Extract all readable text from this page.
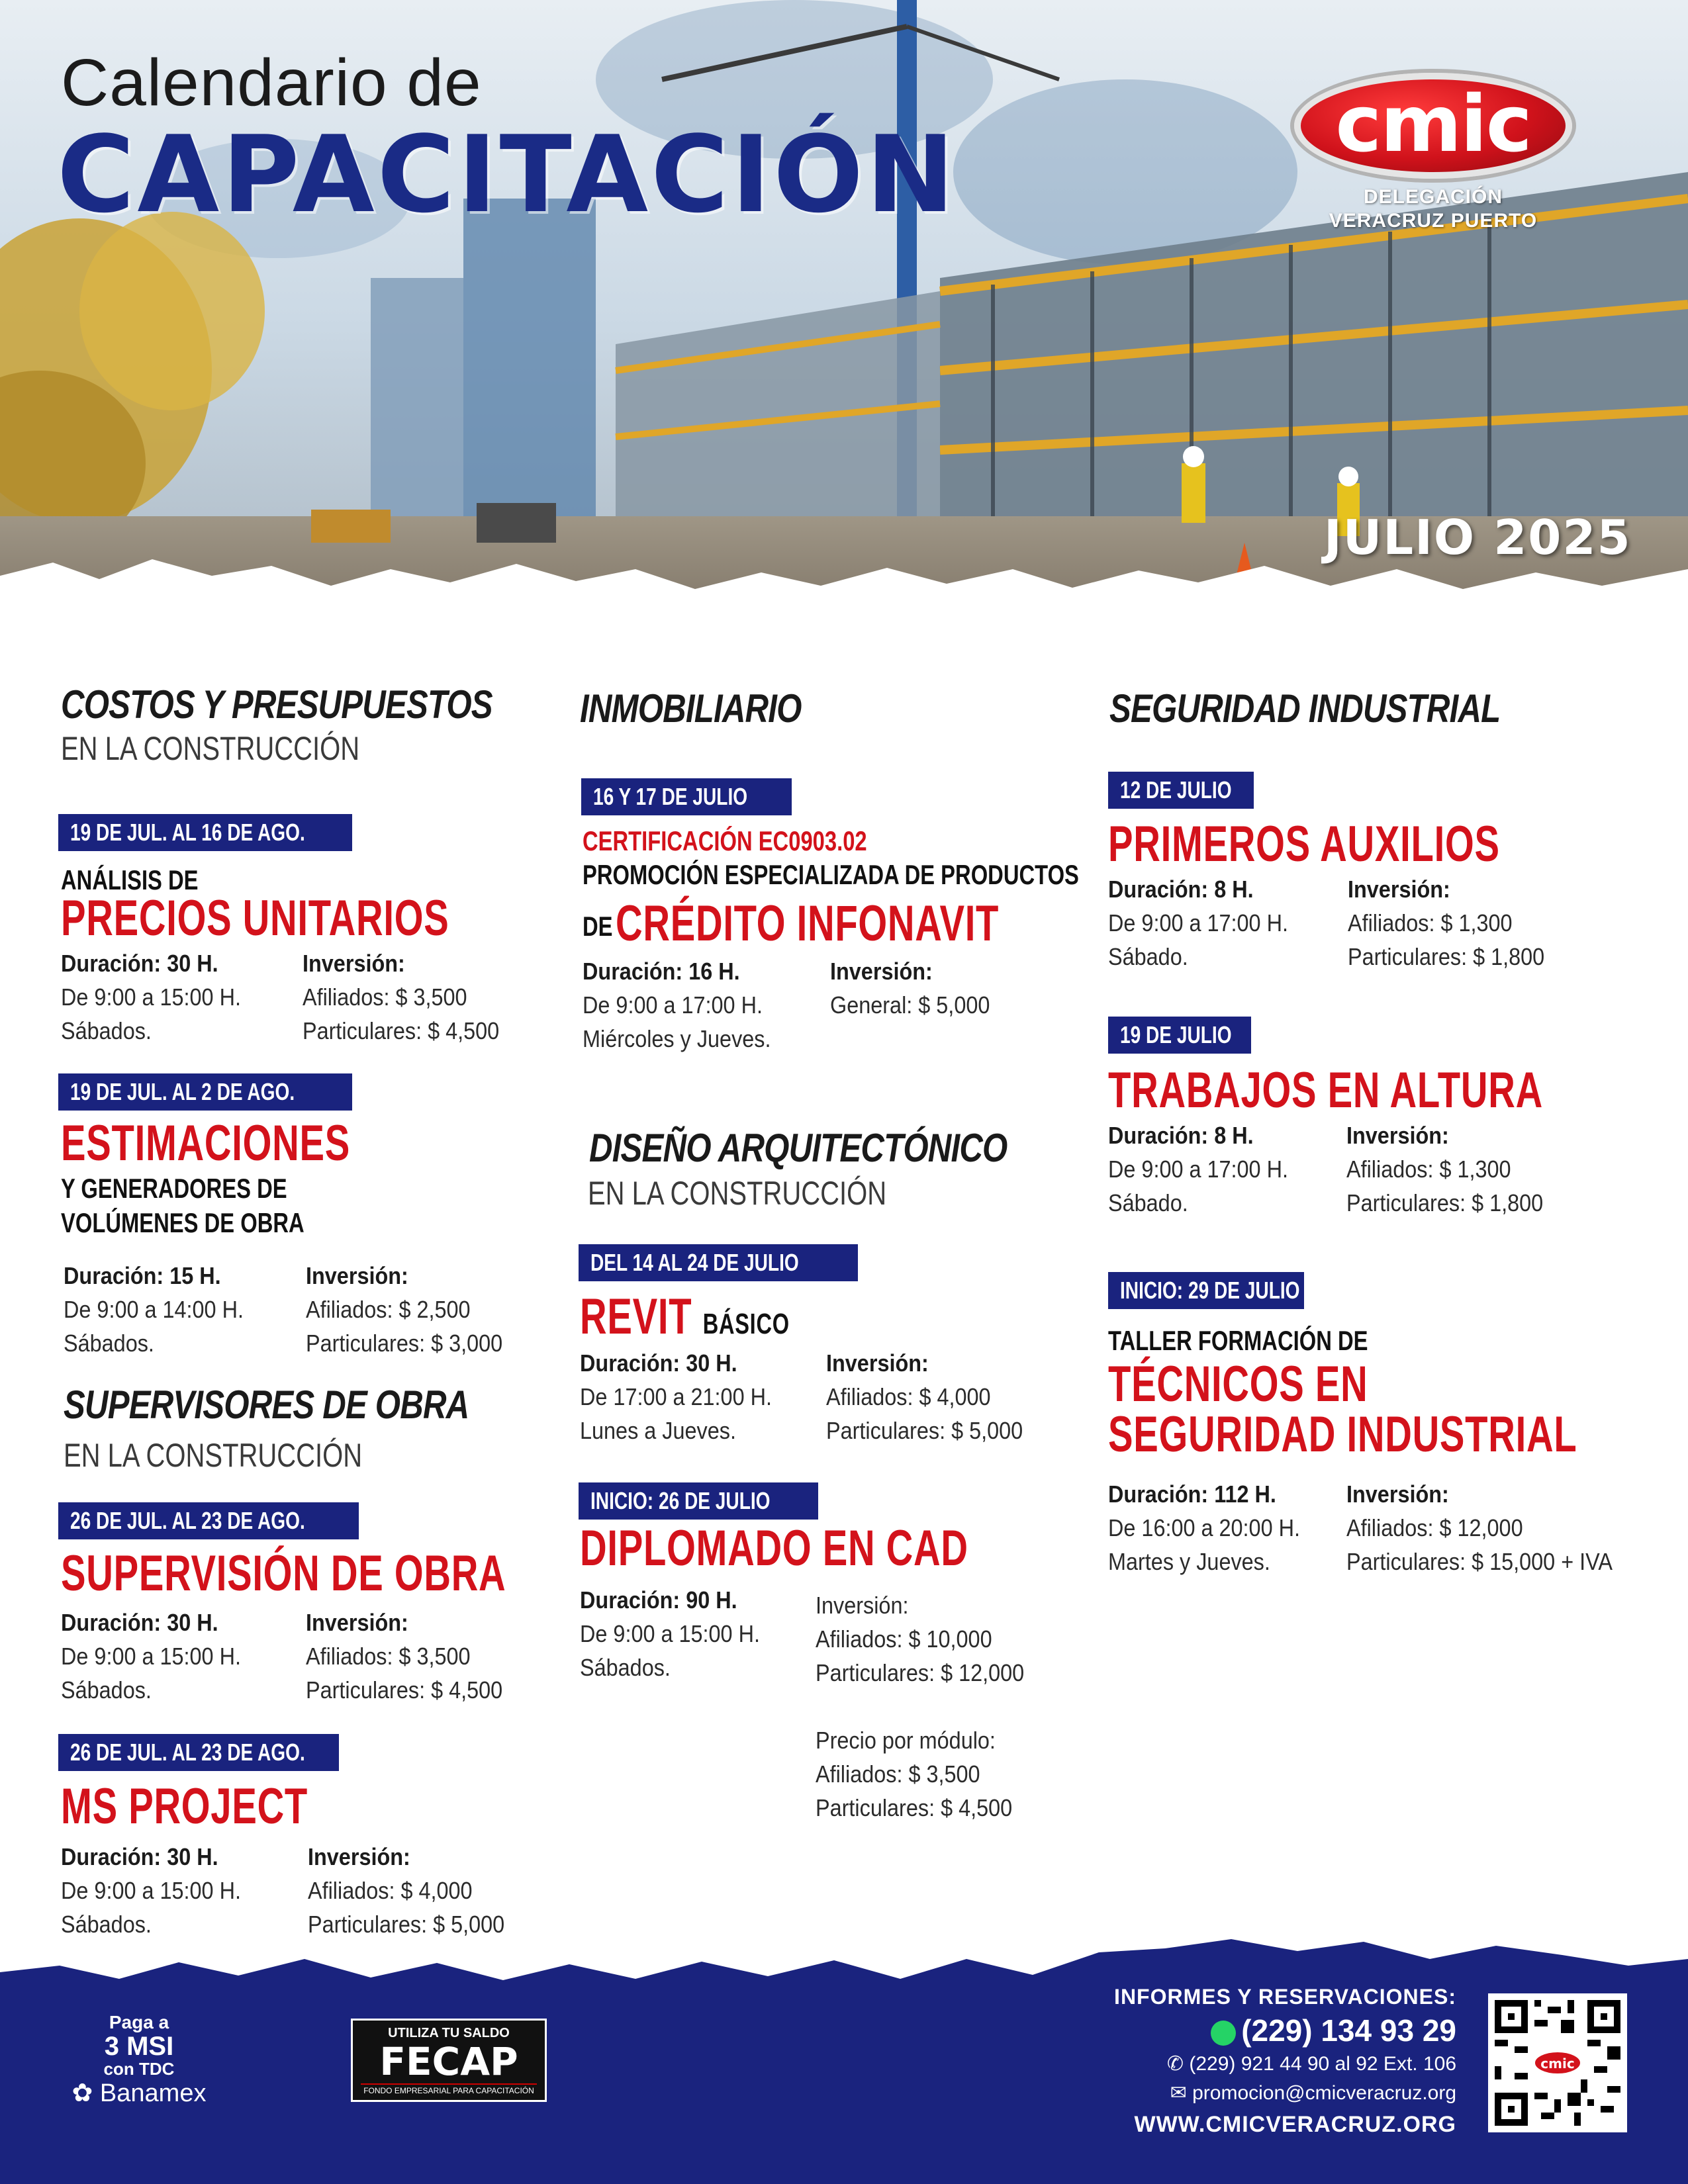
Calendario de
CAPACITACIÓN	cmic
DELEGACIÓN
VERACRUZ PUERTO
JULIO 2025
COSTOS Y PRESUPUESTOS
EN LA CONSTRUCCIÓN
19 DE JUL. AL 16 DE AGO.
ANÁLISIS DE
PRECIOS UNITARIOS
Duración: 30 H.
De 9:00 a 15:00 H.
Sábados.
Inversión:
Afiliados: $ 3,500
Particulares: $ 4,500
19 DE JUL. AL 2 DE AGO.
ESTIMACIONES
Y GENERADORES DE
VOLÚMENES DE OBRA
Duración: 15 H.
De 9:00 a 14:00 H.
Sábados.
Inversión:
Afiliados: $ 2,500
Particulares: $ 3,000
SUPERVISORES DE OBRA
EN LA CONSTRUCCIÓN
26 DE JUL. AL 23 DE AGO.
SUPERVISIÓN DE OBRA
Duración: 30 H.
De 9:00 a 15:00 H.
Sábados.
Inversión:
Afiliados: $ 3,500
Particulares: $ 4,500
26 DE JUL. AL 23 DE AGO.
MS PROJECT
Duración: 30 H.
De 9:00 a 15:00 H.
Sábados.
Inversión:
Afiliados: $ 4,000
Particulares: $ 5,000
INMOBILIARIO
16 Y 17 DE JULIO
CERTIFICACIÓN EC0903.02
PROMOCIÓN ESPECIALIZADA DE PRODUCTOS
DE CRÉDITO INFONAVIT
Duración: 16 H.
De 9:00 a 17:00 H.
Miércoles y Jueves.
Inversión:
General: $ 5,000
DISEÑO ARQUITECTÓNICO
EN LA CONSTRUCCIÓN
DEL 14 AL 24 DE JULIO
REVIT BÁSICO
Duración: 30 H.
De 17:00 a 21:00 H.
Lunes a Jueves.
Inversión:
Afiliados: $ 4,000
Particulares: $ 5,000
INICIO: 26 DE JULIO
DIPLOMADO EN CAD
Duración: 90 H.
De 9:00 a 15:00 H.
Sábados.
Inversión:
Afiliados: $ 10,000
Particulares: $ 12,000
Precio por módulo:
Afiliados: $ 3,500
Particulares: $ 4,500
SEGURIDAD INDUSTRIAL
12 DE JULIO
PRIMEROS AUXILIOS
Duración: 8 H.
De 9:00 a 17:00 H.
Sábado.
Inversión:
Afiliados: $ 1,300
Particulares: $ 1,800
19 DE JULIO
TRABAJOS EN ALTURA
Duración: 8 H.
De 9:00 a 17:00 H.
Sábado.
Inversión:
Afiliados: $ 1,300
Particulares: $ 1,800
INICIO: 29 DE JULIO
TALLER FORMACIÓN DE
TÉCNICOS EN
SEGURIDAD INDUSTRIAL
Duración: 112 H.
De 16:00 a 20:00 H.
Martes y Jueves.
Inversión:
Afiliados: $ 12,000
Particulares: $ 15,000 + IVA
Paga a
3 MSI
con TDC
✿ Banamex
UTILIZA TU SALDO
FECAP
FONDO EMPRESARIAL PARA CAPACITACIÓN
INFORMES Y RESERVACIONES:
(229) 134 93 29
✆ (229) 921 44 90 al 92 Ext. 106
✉ promocion@cmicveracruz.org
WWW.CMICVERACRUZ.ORG
cmic
